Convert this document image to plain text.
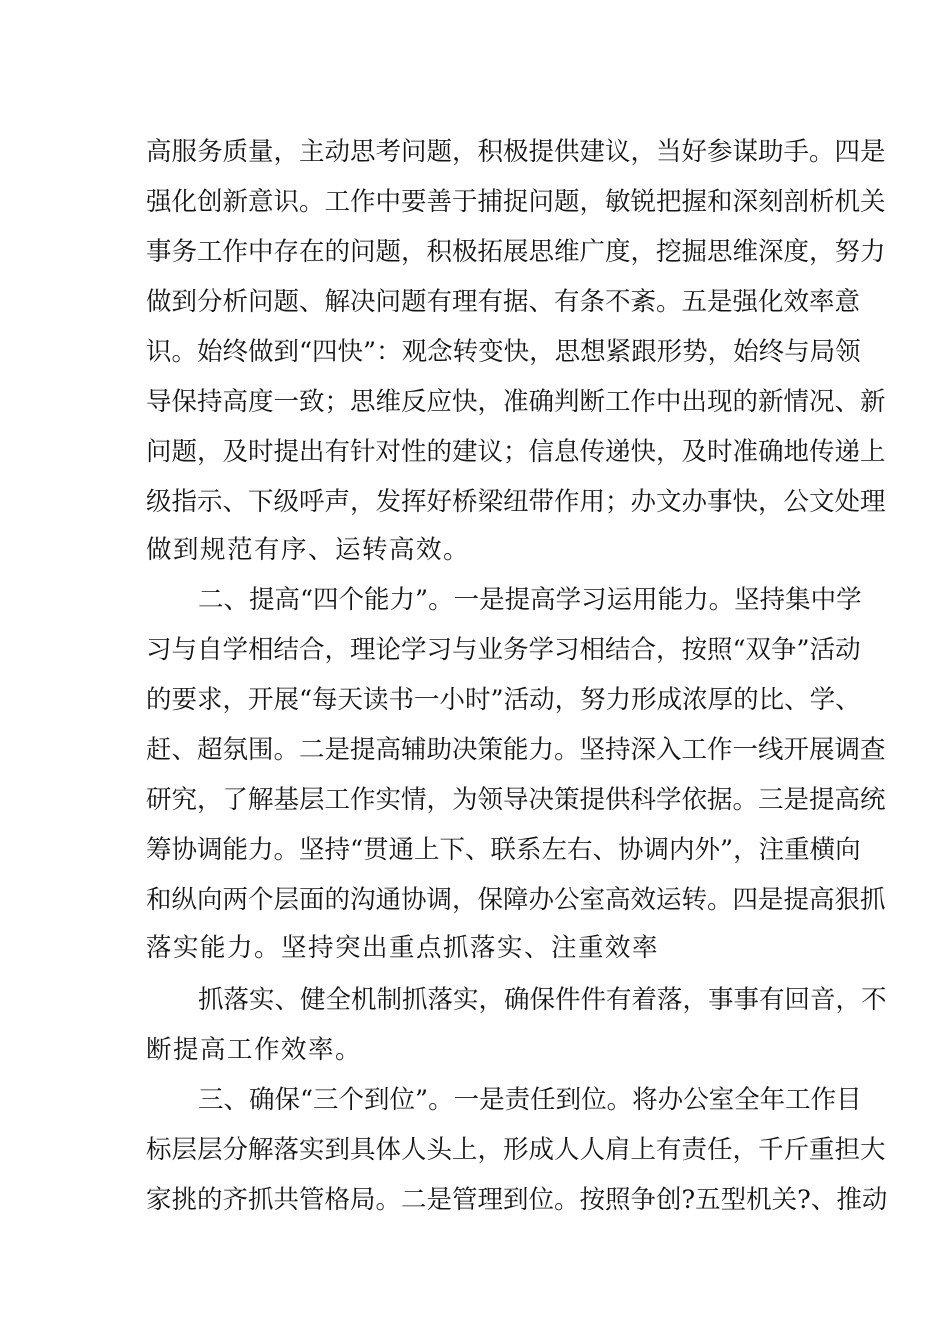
高服务质量，主动思考问题，积极提供建议，当好参谋助手。四是
强化创新意识。工作中要善于捕捉问题，敏锐把握和深刻剖析机关
事务工作中存在的问题，积极拓展思维广度，挖掘思维深度，努力
做到分析问题、解决问题有理有据、有条不紊。五是强化效率意
识。始终做到“四快”：观念转变快，思想紧跟形势，始终与局领
导保持高度一致；思维反应快，准确判断工作中出现的新情况、新
问题，及时提出有针对性的建议；信息传递快，及时准确地传递上
级指示、下级呼声，发挥好桥梁纽带作用；办文办事快，公文处理
做到规范有序、运转高效。
二、提高“四个能力”。一是提高学习运用能力。坚持集中学
习与自学相结合，理论学习与业务学习相结合，按照“双争”活动
的要求，开展“每天读书一小时”活动，努力形成浓厚的比、学、
赶、超氛围。二是提高辅助决策能力。坚持深入工作一线开展调查
研究，了解基层工作实情，为领导决策提供科学依据。三是提高统
筹协调能力。坚持“贯通上下、联系左右、协调内外”，注重横向
和纵向两个层面的沟通协调，保障办公室高效运转。四是提高狠抓
落实能力。坚持突出重点抓落实、注重效率
抓落实、健全机制抓落实，确保件件有着落，事事有回音，不
断提高工作效率。
三、确保“三个到位”。一是责任到位。将办公室全年工作目
标层层分解落实到具体人头上，形成人人肩上有责任，千斤重担大
家挑的齐抓共管格局。二是管理到位。按照争创?五型机关?、推动
